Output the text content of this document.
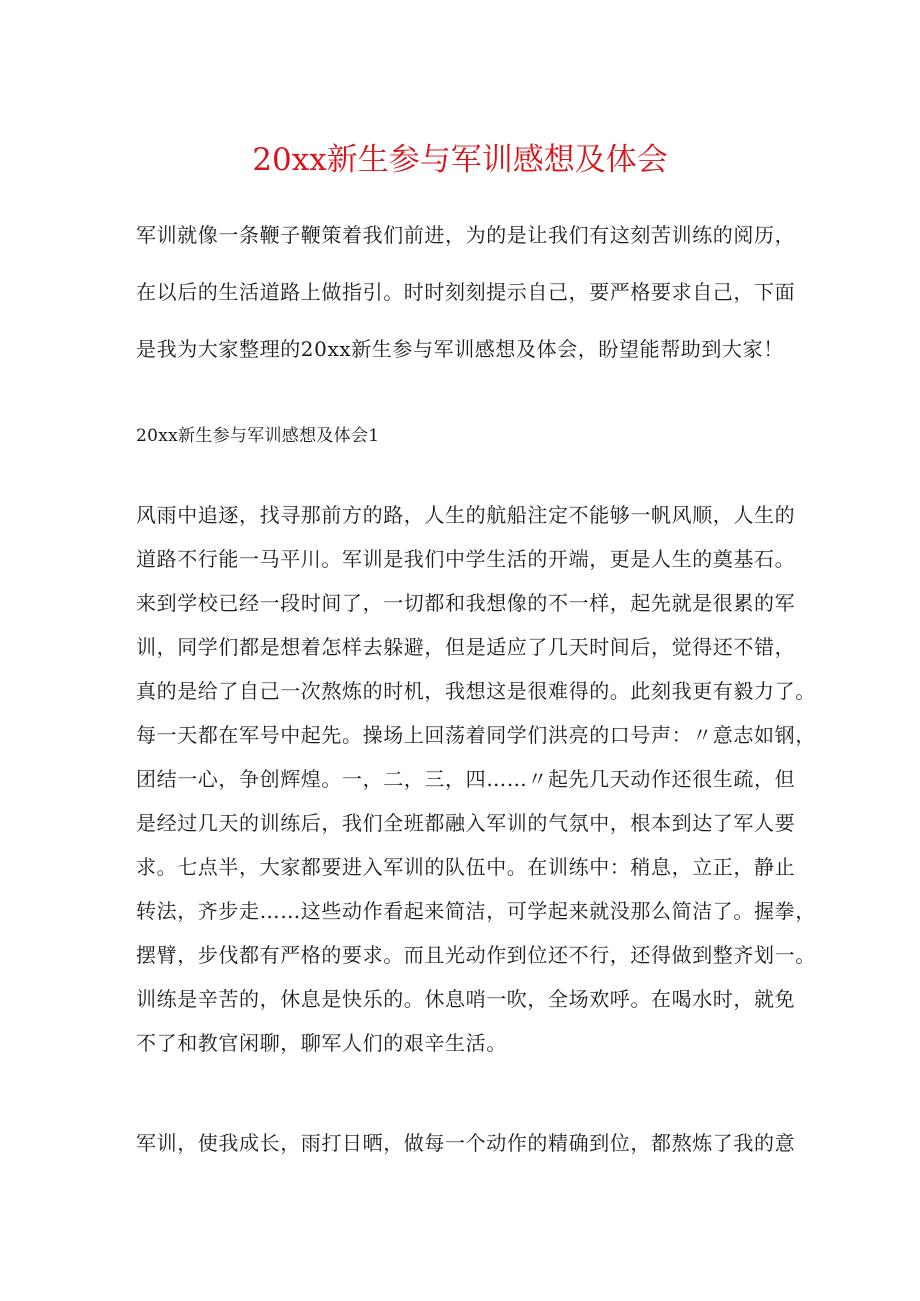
20xx新生参与军训感想及体会

军训就像一条鞭子鞭策着我们前进，为的是让我们有这刻苦训练的阅历，
在以后的生活道路上做指引。时时刻刻提示自己，要严格要求自己，下面
是我为大家整理的20xx新生参与军训感想及体会，盼望能帮助到大家！

20xx新生参与军训感想及体会1

风雨中追逐，找寻那前方的路，人生的航船注定不能够一帆风顺，人生的
道路不行能一马平川。军训是我们中学生活的开端，更是人生的奠基石。
来到学校已经一段时间了，一切都和我想像的不一样，起先就是很累的军
训，同学们都是想着怎样去躲避，但是适应了几天时间后，觉得还不错，
真的是给了自己一次熬炼的时机，我想这是很难得的。此刻我更有毅力了。
每一天都在军号中起先。操场上回荡着同学们洪亮的口号声：〃意志如钢，
团结一心，争创辉煌。一，二，三，四……〃起先几天动作还很生疏，但
是经过几天的训练后，我们全班都融入军训的气氛中，根本到达了军人要
求。七点半，大家都要进入军训的队伍中。在训练中：稍息，立正，静止
转法，齐步走……这些动作看起来简洁，可学起来就没那么简洁了。握拳，
摆臂，步伐都有严格的要求。而且光动作到位还不行，还得做到整齐划一。
训练是辛苦的，休息是快乐的。休息哨一吹，全场欢呼。在喝水时，就免
不了和教官闲聊，聊军人们的艰辛生活。

军训，使我成长，雨打日晒，做每一个动作的精确到位，都熬炼了我的意
